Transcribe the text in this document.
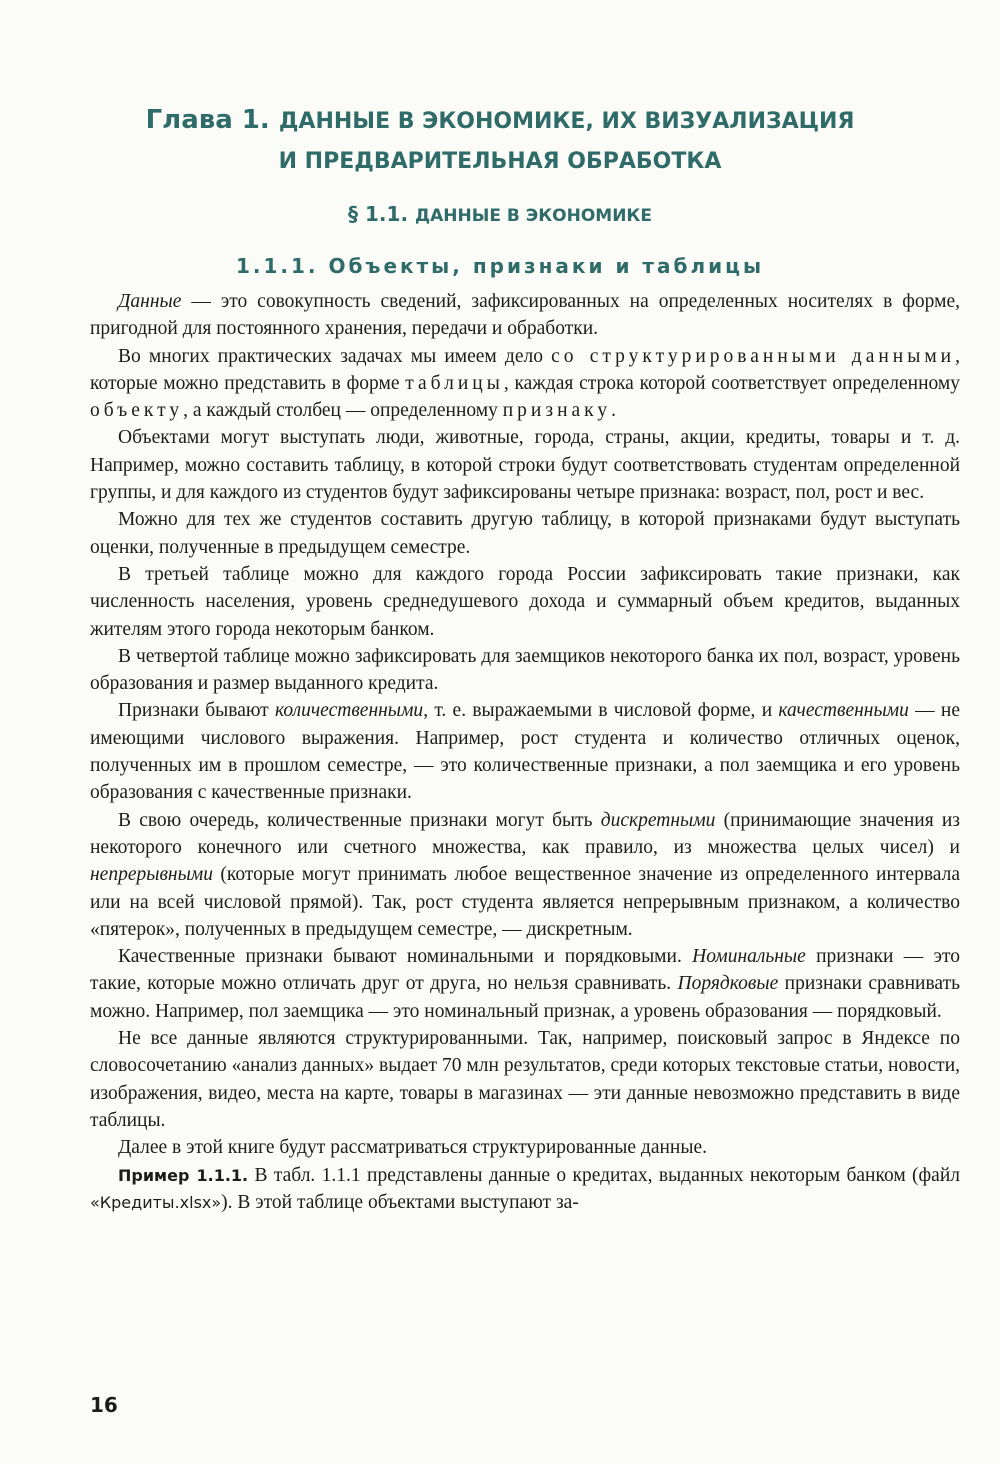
Глава 1. ДАННЫЕ В ЭКОНОМИКЕ, ИХ ВИЗУАЛИЗАЦИЯ
И ПРЕДВАРИТЕЛЬНАЯ ОБРАБОТКА
§ 1.1. ДАННЫЕ В ЭКОНОМИКЕ
1.1.1. Объекты, признаки и таблицы

Данные — это совокупность сведений, зафиксированных на определенных носителях в форме, пригодной для постоянного хранения, передачи и обработки.

Во многих практических задачах мы имеем дело со структурированными данными, которые можно представить в форме таблицы, каждая строка которой соответствует определенному объекту, а каждый столбец — определенному признаку.

Объектами могут выступать люди, животные, города, страны, акции, кредиты, товары и т. д. Например, можно составить таблицу, в которой строки будут соответствовать студентам определенной группы, и для каждого из студентов будут зафиксированы четыре признака: возраст, пол, рост и вес.

Можно для тех же студентов составить другую таблицу, в которой признаками будут выступать оценки, полученные в предыдущем семестре.

В третьей таблице можно для каждого города России зафиксировать такие признаки, как численность населения, уровень среднедушевого дохода и суммарный объем кредитов, выданных жителям этого города некоторым банком.

В четвертой таблице можно зафиксировать для заемщиков некоторого банка их пол, возраст, уровень образования и размер выданного кредита.

Признаки бывают количественными, т. е. выражаемыми в числовой форме, и качественными — не имеющими числового выражения. Например, рост студента и количество отличных оценок, полученных им в прошлом семестре, — это количественные признаки, а пол заемщика и его уровень образования с качественные признаки.

В свою очередь, количественные признаки могут быть дискретными (принимающие значения из некоторого конечного или счетного множества, как правило, из множества целых чисел) и непрерывными (которые могут принимать любое вещественное значение из определенного интервала или на всей числовой прямой). Так, рост студента является непрерывным признаком, а количество «пятерок», полученных в предыдущем семестре, — дискретным.

Качественные признаки бывают номинальными и порядковыми. Номинальные признаки — это такие, которые можно отличать друг от друга, но нельзя сравнивать. Порядковые признаки сравнивать можно. Например, пол заемщика — это номинальный признак, а уровень образования — порядковый.

Не все данные являются структурированными. Так, например, поисковый запрос в Яндексе по словосочетанию «анализ данных» выдает 70 млн результатов, среди которых текстовые статьи, новости, изображения, видео, места на карте, товары в магазинах — эти данные невозможно представить в виде таблицы.

Далее в этой книге будут рассматриваться структурированные данные.

Пример 1.1.1. В табл. 1.1.1 представлены данные о кредитах, выданных некоторым банком (файл «Кредиты.xlsx»). В этой таблице объектами выступают за-

16
